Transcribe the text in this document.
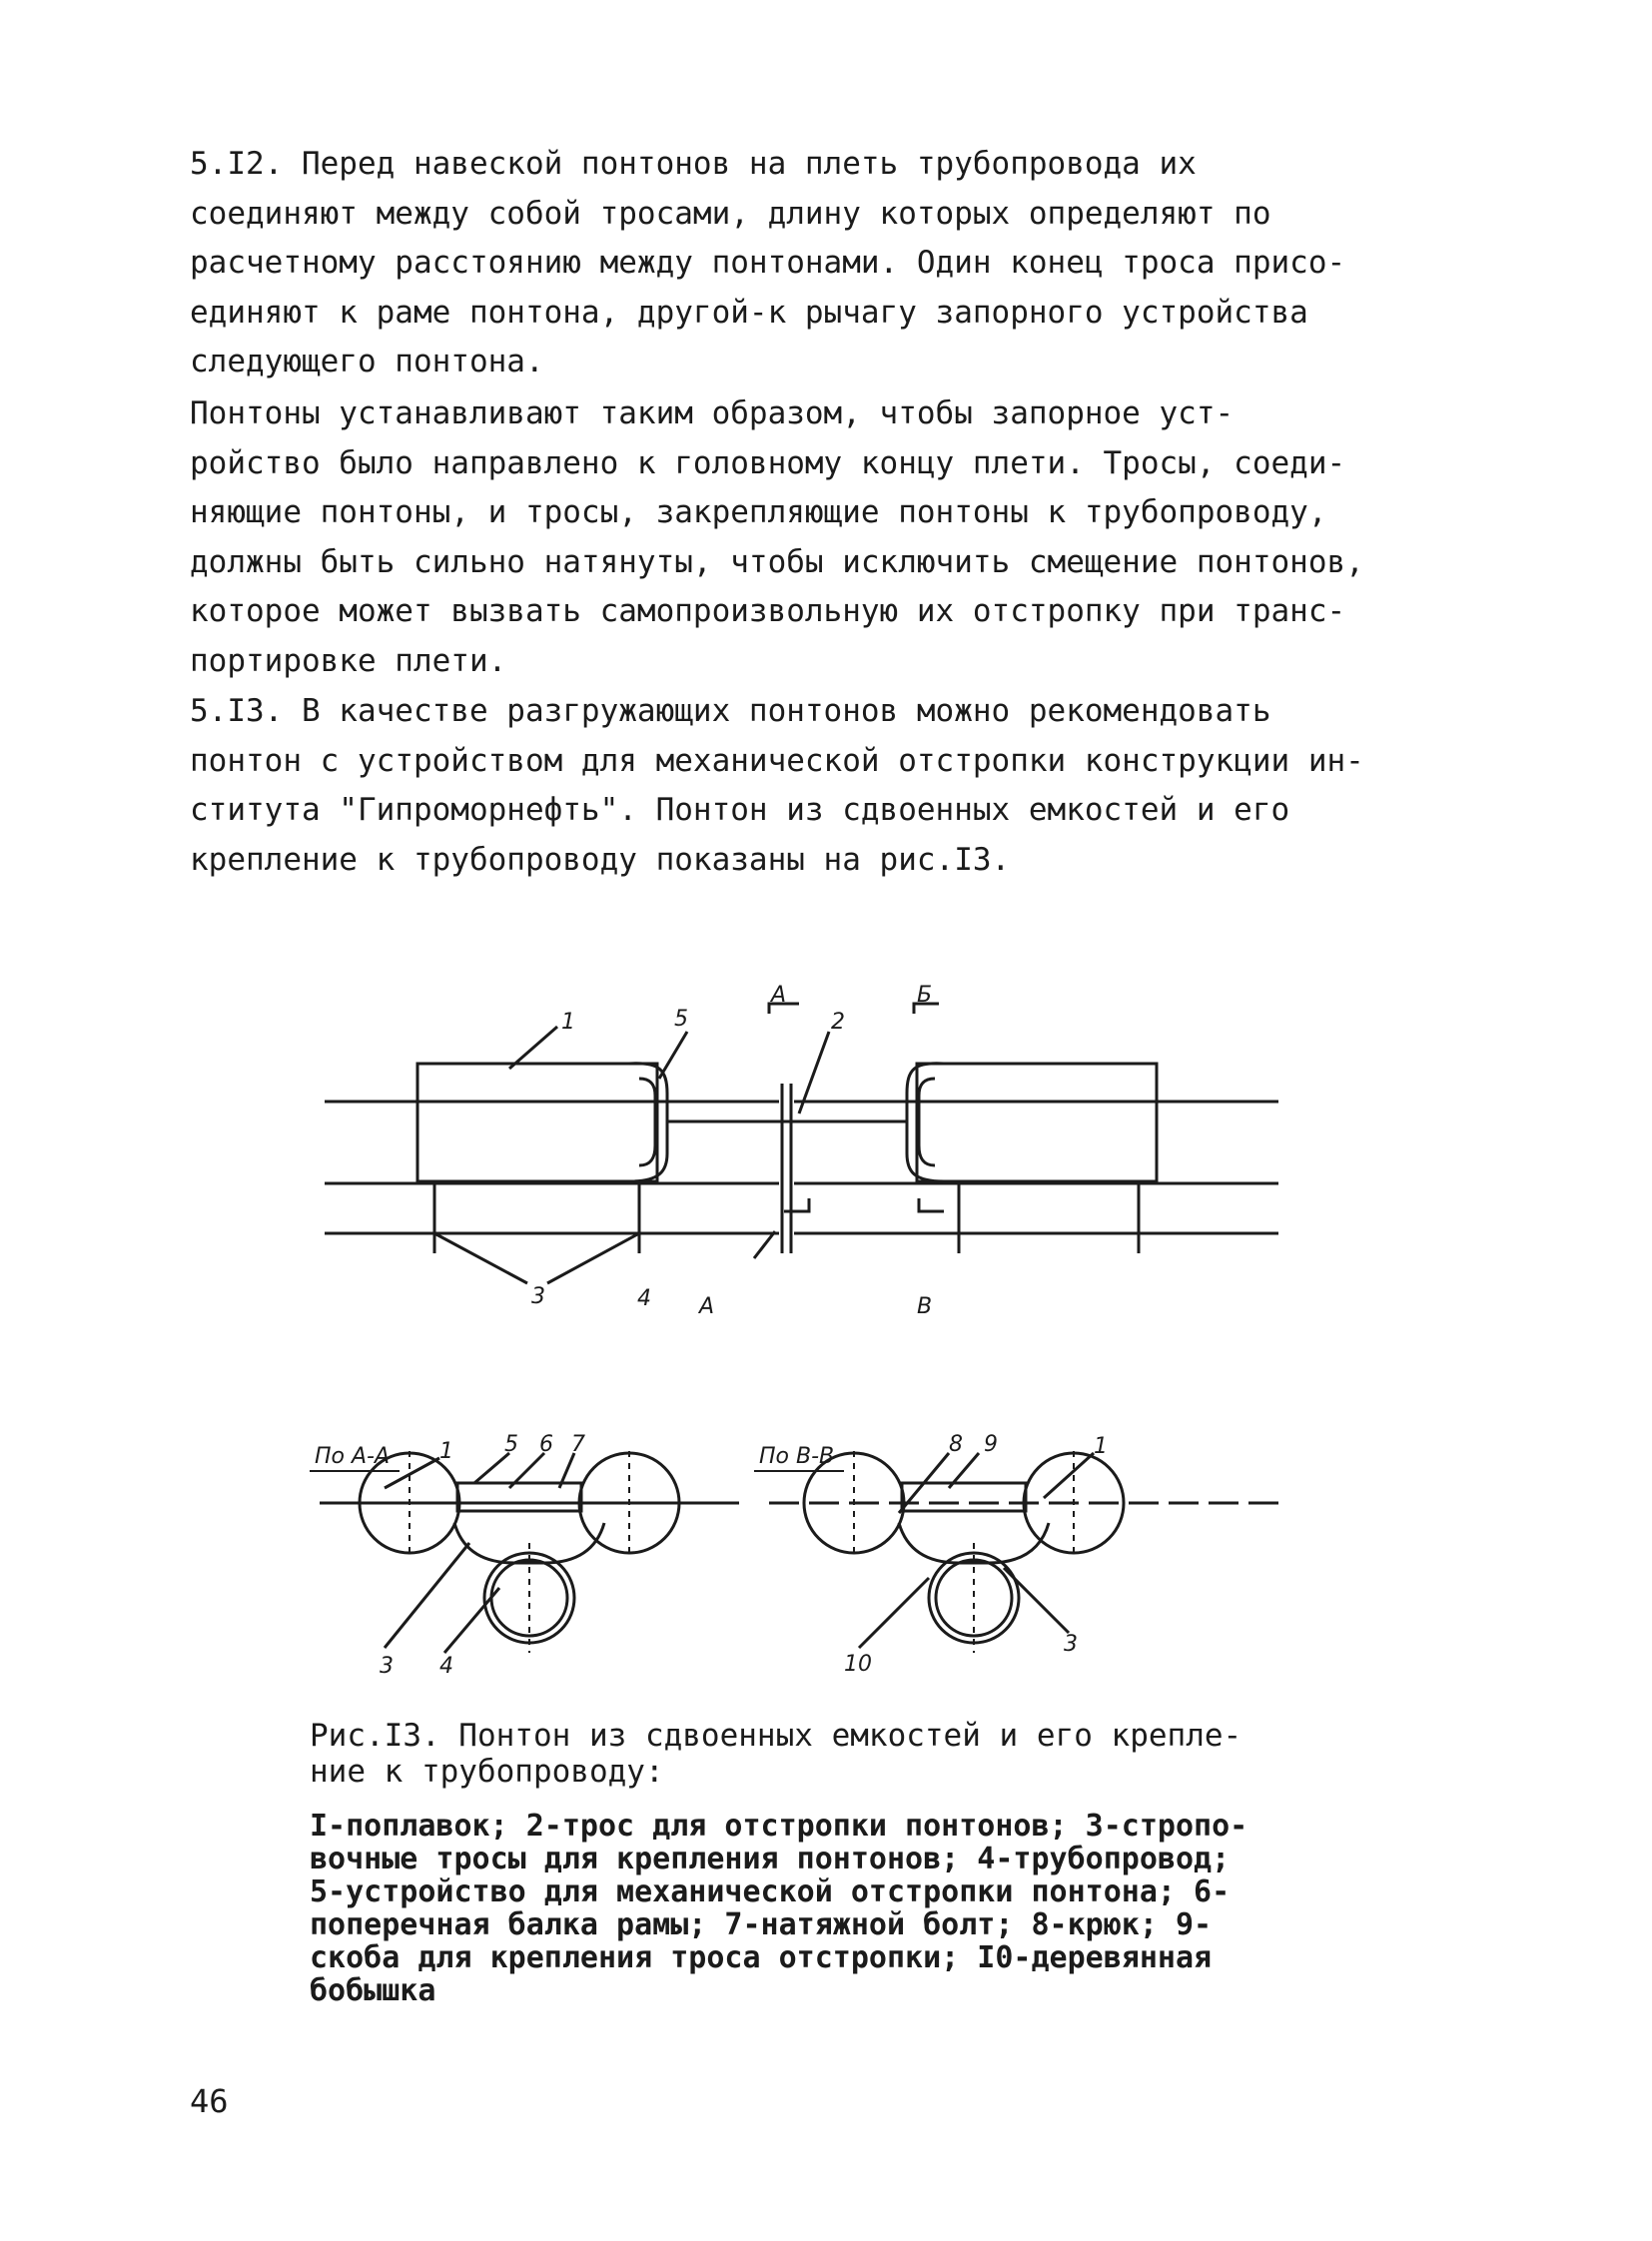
5.I2. Перед навеской понтонов на плеть трубопровода их
соединяют между собой тросами, длину которых определяют по
расчетному расстоянию между понтонами. Один конец троса присо-
единяют к раме понтона, другой-к рычагу запорного устройства
следующего понтона.

Понтоны устанавливают таким образом, чтобы запорное уст-
ройство было направлено к головному концу плети. Тросы, соеди-
няющие понтоны, и тросы, закрепляющие понтоны к трубопроводу,
должны быть сильно натянуты, чтобы исключить смещение понтонов,
которое может вызвать самопроизвольную их отстропку при транс-
портировке плети.

5.I3. В качестве разгружающих понтонов можно рекомендовать
понтон с устройством для механической отстропки конструкции ин-
ститута "Гипроморнефть". Понтон из сдвоенных емкостей и его
крепление к трубопроводу показаны на рис.I3.

1	5
А
2
Б
3	4 А	В
По А-А 1 5 6 7
3 4
По В-В	8 9	1
10
3

Рис.I3. Понтон из сдвоенных емкостей и его крепле-
ние к трубопроводу:

I-поплавок; 2-трос для отстропки понтонов; 3-стропо-
вочные тросы для крепления понтонов; 4-трубопровод;
5-устройство для механической отстропки понтона; 6-
поперечная балка рамы; 7-натяжной болт; 8-крюк; 9-
скоба для крепления троса отстропки; I0-деревянная
бобышка

46
